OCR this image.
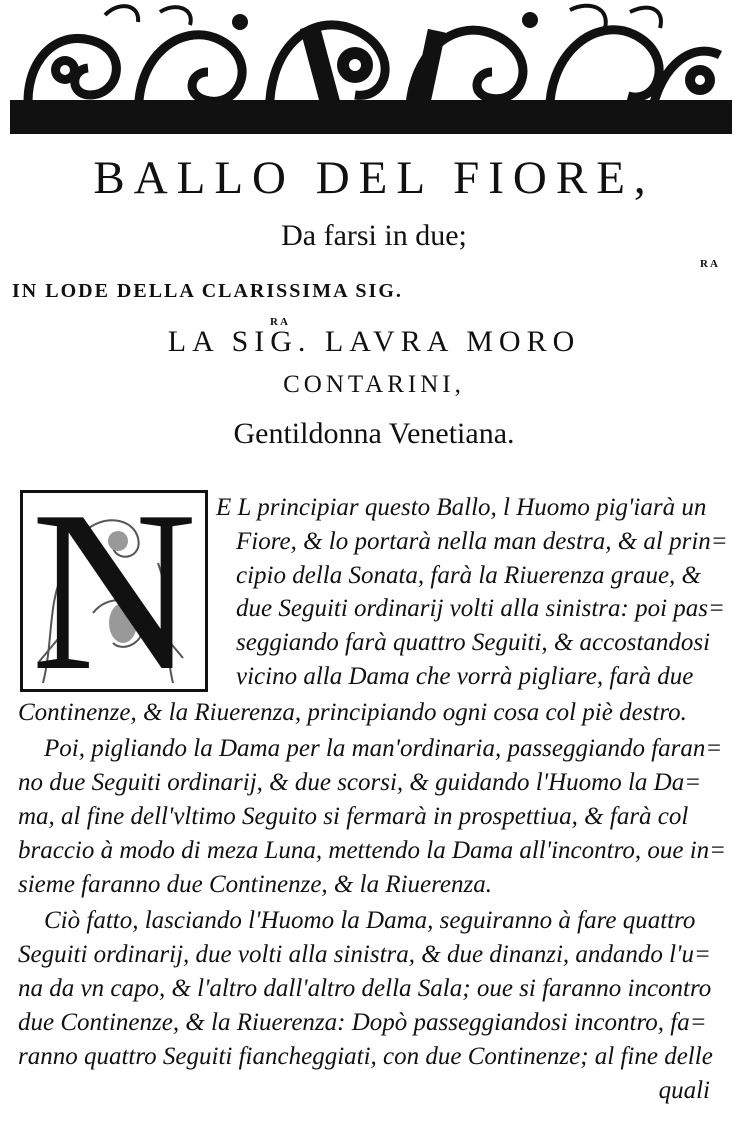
BALLO DEL FIORE,
Da farsi in due;
IN LODE DELLA CLARISSIMA SIG.
RA
RA
LA SIG. LAVRA MORO
CONTARINI,
Gentildonna Venetiana.
N E L principiar questo Ballo, l Huomo pig'iarà un
Fiore, & lo portarà nella man destra, & al prin=
cipio della Sonata, farà la Riuerenza graue, &
due Seguiti ordinarij volti alla sinistra: poi pas=
seggiando farà quattro Seguiti, & accostandosi
vicino alla Dama che vorrà pigliare, farà due
Continenze, & la Riuerenza, principiando ogni cosa col piè destro.
Poi, pigliando la Dama per la man'ordinaria, passeggiando faran=
no due Seguiti ordinarij, & due scorsi, & guidando l'Huomo la Da=
ma, al fine dell'vltimo Seguito si fermarà in prospettiua, & farà col
braccio à modo di meza Luna, mettendo la Dama all'incontro, oue in=
sieme faranno due Continenze, & la Riuerenza.
Ciò fatto, lasciando l'Huomo la Dama, seguiranno à fare quattro
Seguiti ordinarij, due volti alla sinistra, & due dinanzi, andando l'u=
na da vn capo, & l'altro dall'altro della Sala; oue si faranno incontro
due Continenze, & la Riuerenza: Dopò passeggiandosi incontro, fa=
ranno quattro Seguiti fiancheggiati, con due Continenze; al fine delle
quali
